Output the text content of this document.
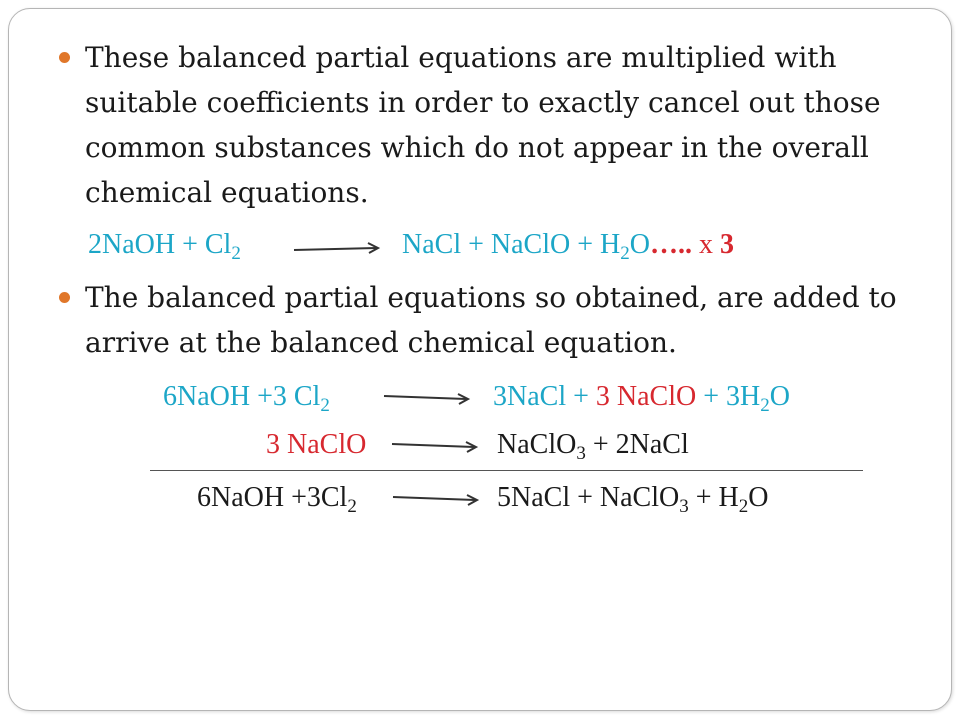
These balanced partial equations are multiplied with suitable coefficients in order to exactly cancel out those common substances which do not appear in the overall chemical equations.
2NaOH + $Cl_2$	NaCl + NaClO + $H_2O\dots$.. x 3
The balanced partial equations so obtained, are added to arrive at the balanced chemical equation.
6NaOH +3 $Cl_2$	3NaCl + 3 NaClO + $3H_2O$
3 NaClO	NaClO$_3$ + 2NaCl
6NaOH $+3Cl_2$	5NaCl + NaClO$_3$ + $H_2O$
